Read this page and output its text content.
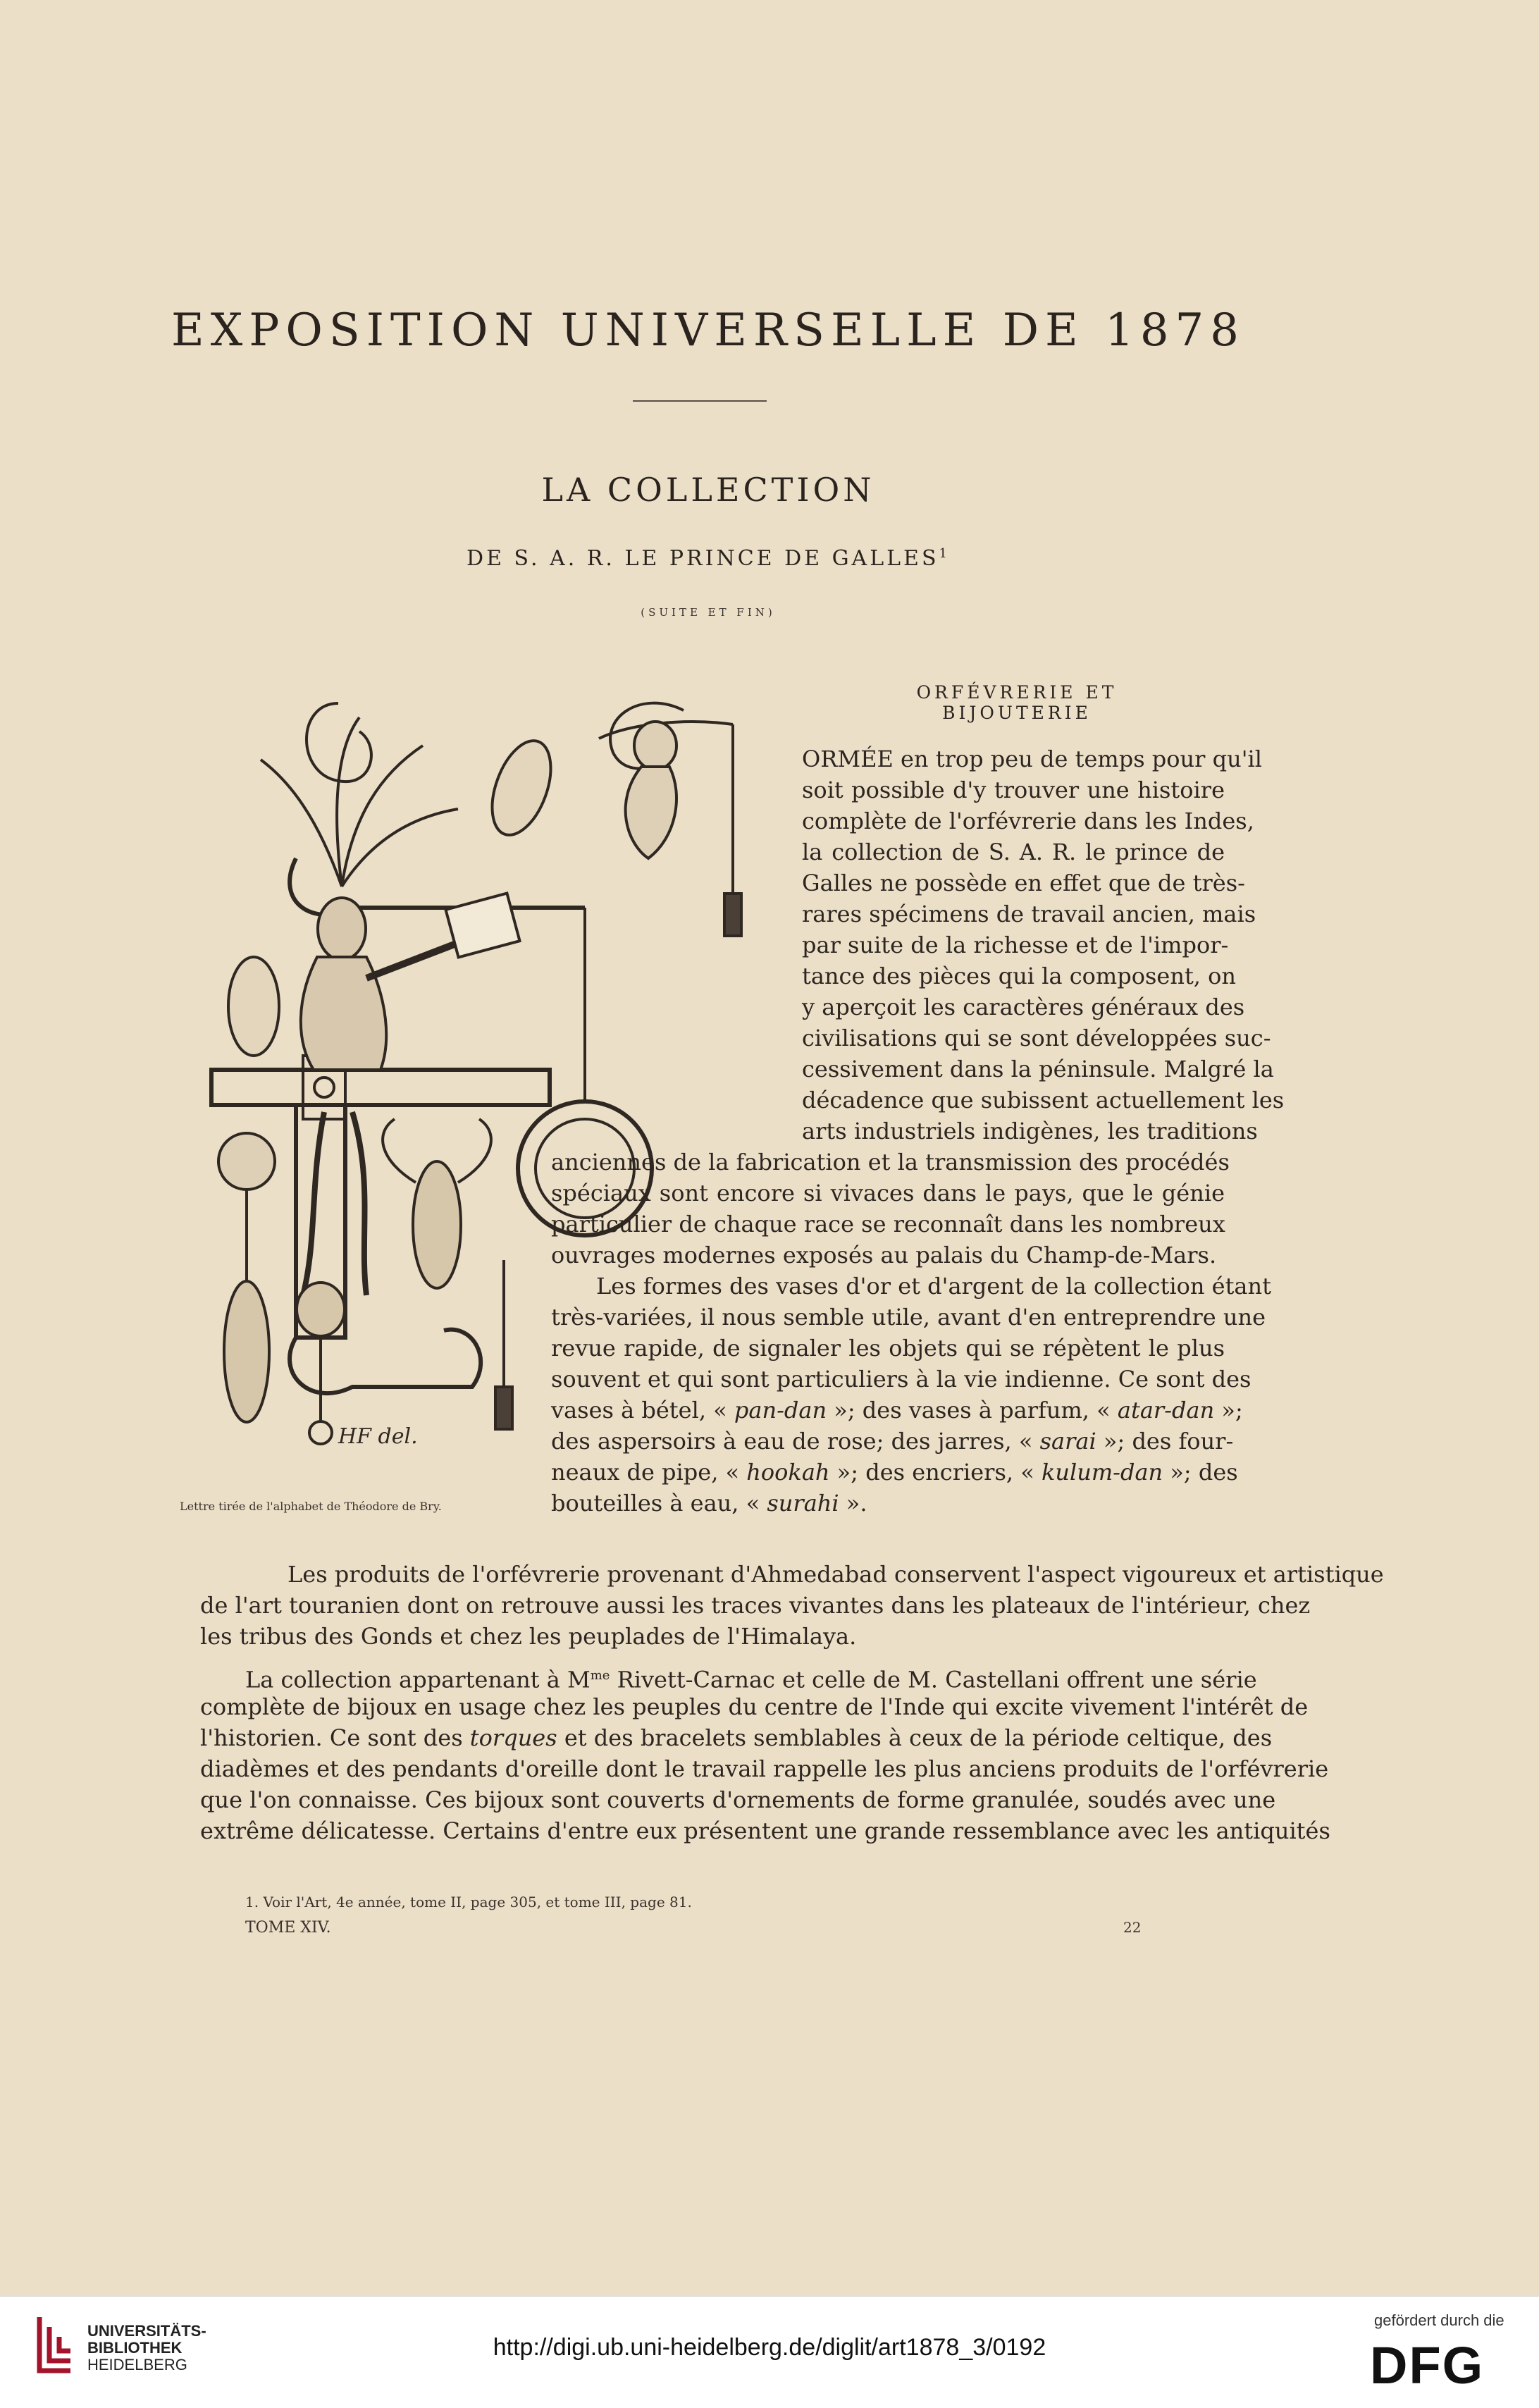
EXPOSITION UNIVERSELLE DE 1878
LA COLLECTION
DE S. A. R. LE PRINCE DE GALLES$^1$
(SUITE ET FIN)
ORFÉVRERIE ET BIJOUTERIE
HF del.
Lettre tirée de l'alphabet de Théodore de Bry.

ORMÉE en trop peu de temps pour qu'il

soit possible d'y trouver une histoire

complète de l'orfévrerie dans les Indes,

la collection de S. A. R. le prince de

Galles ne possède en effet que de très-

rares spécimens de travail ancien, mais

par suite de la richesse et de l'impor-

tance des pièces qui la composent, on

y aperçoit les caractères généraux des

civilisations qui se sont développées suc-

cessivement dans la péninsule. Malgré la

décadence que subissent actuellement les

arts industriels indigènes, les traditions

anciennes de la fabrication et la transmission des procédés

spéciaux sont encore si vivaces dans le pays, que le génie

particulier de chaque race se reconnaît dans les nombreux

ouvrages modernes exposés au palais du Champ-de-Mars.

Les formes des vases d'or et d'argent de la collection étant

très-variées, il nous semble utile, avant d'en entreprendre une

revue rapide, de signaler les objets qui se répètent le plus

souvent et qui sont particuliers à la vie indienne. Ce sont des

vases à bétel, « pan-dan »; des vases à parfum, « atar-dan »;

des aspersoirs à eau de rose; des jarres, « sarai »; des four-

neaux de pipe, « hookah »; des encriers, « kulum-dan »; des

bouteilles à eau, « surahi ».

Les produits de l'orfévrerie provenant d'Ahmedabad conservent l'aspect vigoureux et artistique

de l'art touranien dont on retrouve aussi les traces vivantes dans les plateaux de l'intérieur, chez

les tribus des Gonds et chez les peuplades de l'Himalaya.

La collection appartenant à $M^{me}$ Rivett-Carnac et celle de M. Castellani offrent une série

complète de bijoux en usage chez les peuples du centre de l'Inde qui excite vivement l'intérêt de

l'historien. Ce sont des torques et des bracelets semblables à ceux de la période celtique, des

diadèmes et des pendants d'oreille dont le travail rappelle les plus anciens produits de l'orfévrerie

que l'on connaisse. Ces bijoux sont couverts d'ornements de forme granulée, soudés avec une

extrême délicatesse. Certains d'entre eux présentent une grande ressemblance avec les antiquités

1. Voir l'Art, 4e année, tome II, page 305, et tome III, page 81.
TOME XIV.	22
UNIVERSITÄTS-
BIBLIOTHEK
HEIDELBERG
http://digi.ub.uni-heidelberg.de/diglit/art1878_3/0192
gefördert durch die
DFG
